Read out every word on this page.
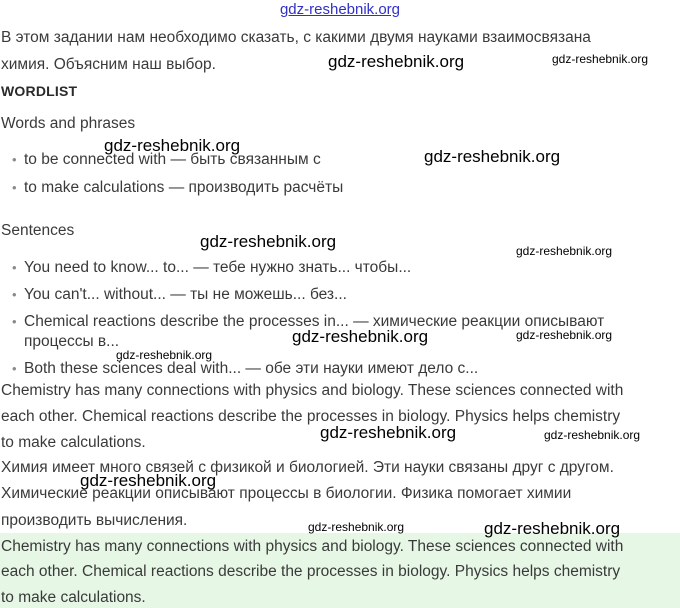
gdz-reshebnik.org
В этом задании нам необходимо сказать, с какими двумя науками взаимосвязана
химия. Объясним наш выбор.
WORDLIST
Words and phrases
• to be connected with — быть связанным с
• to make calculations — производить расчёты
Sentences
• You need to know... to... — тебе нужно знать... чтобы...
• You can't... without... — ты не можешь... без...
• Chemical reactions describe the processes in... — химические реакции описывают
процессы в...
• Both these sciences deal with... — обе эти науки имеют дело с...
Chemistry has many connections with physics and biology. These sciences connected with
each other. Chemical reactions describe the processes in biology. Physics helps chemistry
to make calculations.
Химия имеет много связей с физикой и биологией. Эти науки связаны друг с другом.
Химические реакции описывают процессы в биологии. Физика помогает химии
производить вычисления.
Chemistry has many connections with physics and biology. These sciences connected with
each other. Chemical reactions describe the processes in biology. Physics helps chemistry
to make calculations.
gdz-reshebnik.org	gdz-reshebnik.org
gdz-reshebnik.org
gdz-reshebnik.org
gdz-reshebnik.org	gdz-reshebnik.org
gdz-reshebnik.org	gdz-reshebnik.org
gdz-reshebnik.org
gdz-reshebnik.org	gdz-reshebnik.org
gdz-reshebnik.org
gdz-reshebnik.org	gdz-reshebnik.org
